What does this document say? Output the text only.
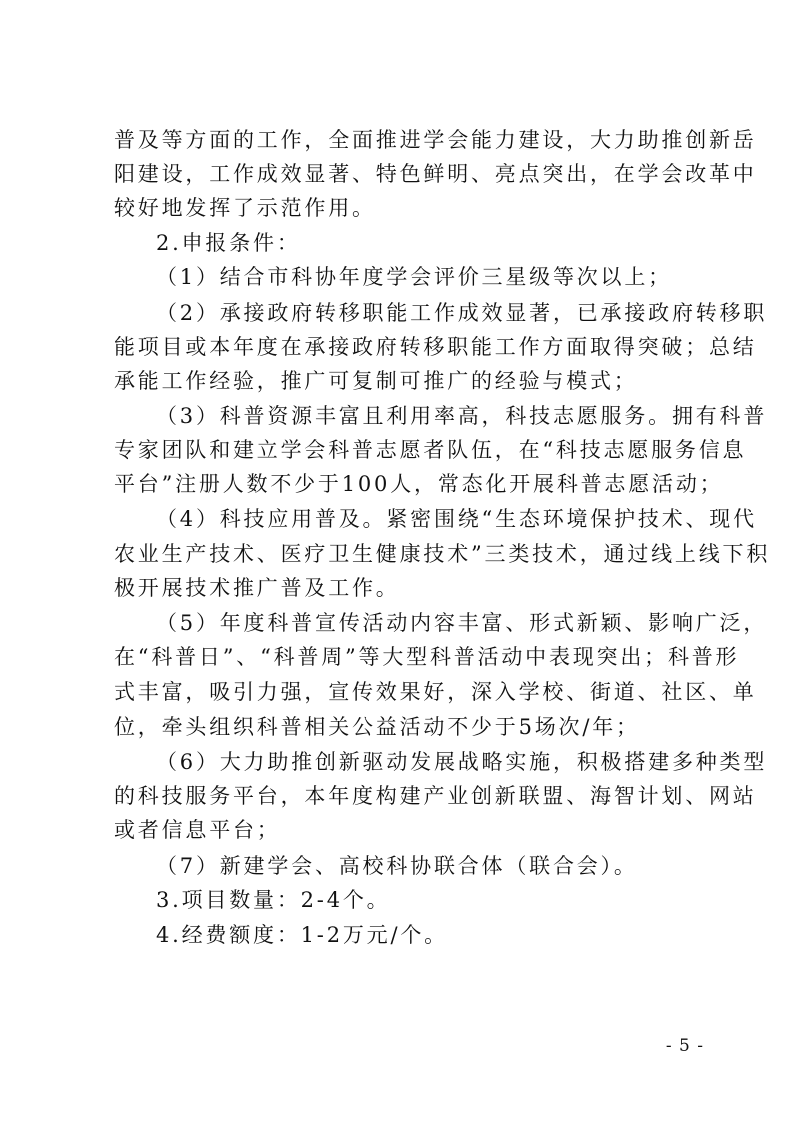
普及等方面的工作，全面推进学会能力建设，大力助推创新岳
阳建设，工作成效显著、特色鲜明、亮点突出，在学会改革中
较好地发挥了示范作用。
2.申报条件：
（1）结合市科协年度学会评价三星级等次以上；
（2）承接政府转移职能工作成效显著，已承接政府转移职
能项目或本年度在承接政府转移职能工作方面取得突破；总结
承能工作经验，推广可复制可推广的经验与模式；
（3）科普资源丰富且利用率高，科技志愿服务。拥有科普
专家团队和建立学会科普志愿者队伍，在“科技志愿服务信息
平台”注册人数不少于100人，常态化开展科普志愿活动；
（4）科技应用普及。紧密围绕“生态环境保护技术、现代
农业生产技术、医疗卫生健康技术”三类技术，通过线上线下积
极开展技术推广普及工作。
（5）年度科普宣传活动内容丰富、形式新颖、影响广泛，
在“科普日”、“科普周”等大型科普活动中表现突出；科普形
式丰富，吸引力强，宣传效果好，深入学校、街道、社区、单
位，牵头组织科普相关公益活动不少于5场次/年；
（6）大力助推创新驱动发展战略实施，积极搭建多种类型
的科技服务平台，本年度构建产业创新联盟、海智计划、网站
或者信息平台；
（7）新建学会、高校科协联合体（联合会）。
3.项目数量：2-4个。
4.经费额度：1-2万元/个。
- 5 -
